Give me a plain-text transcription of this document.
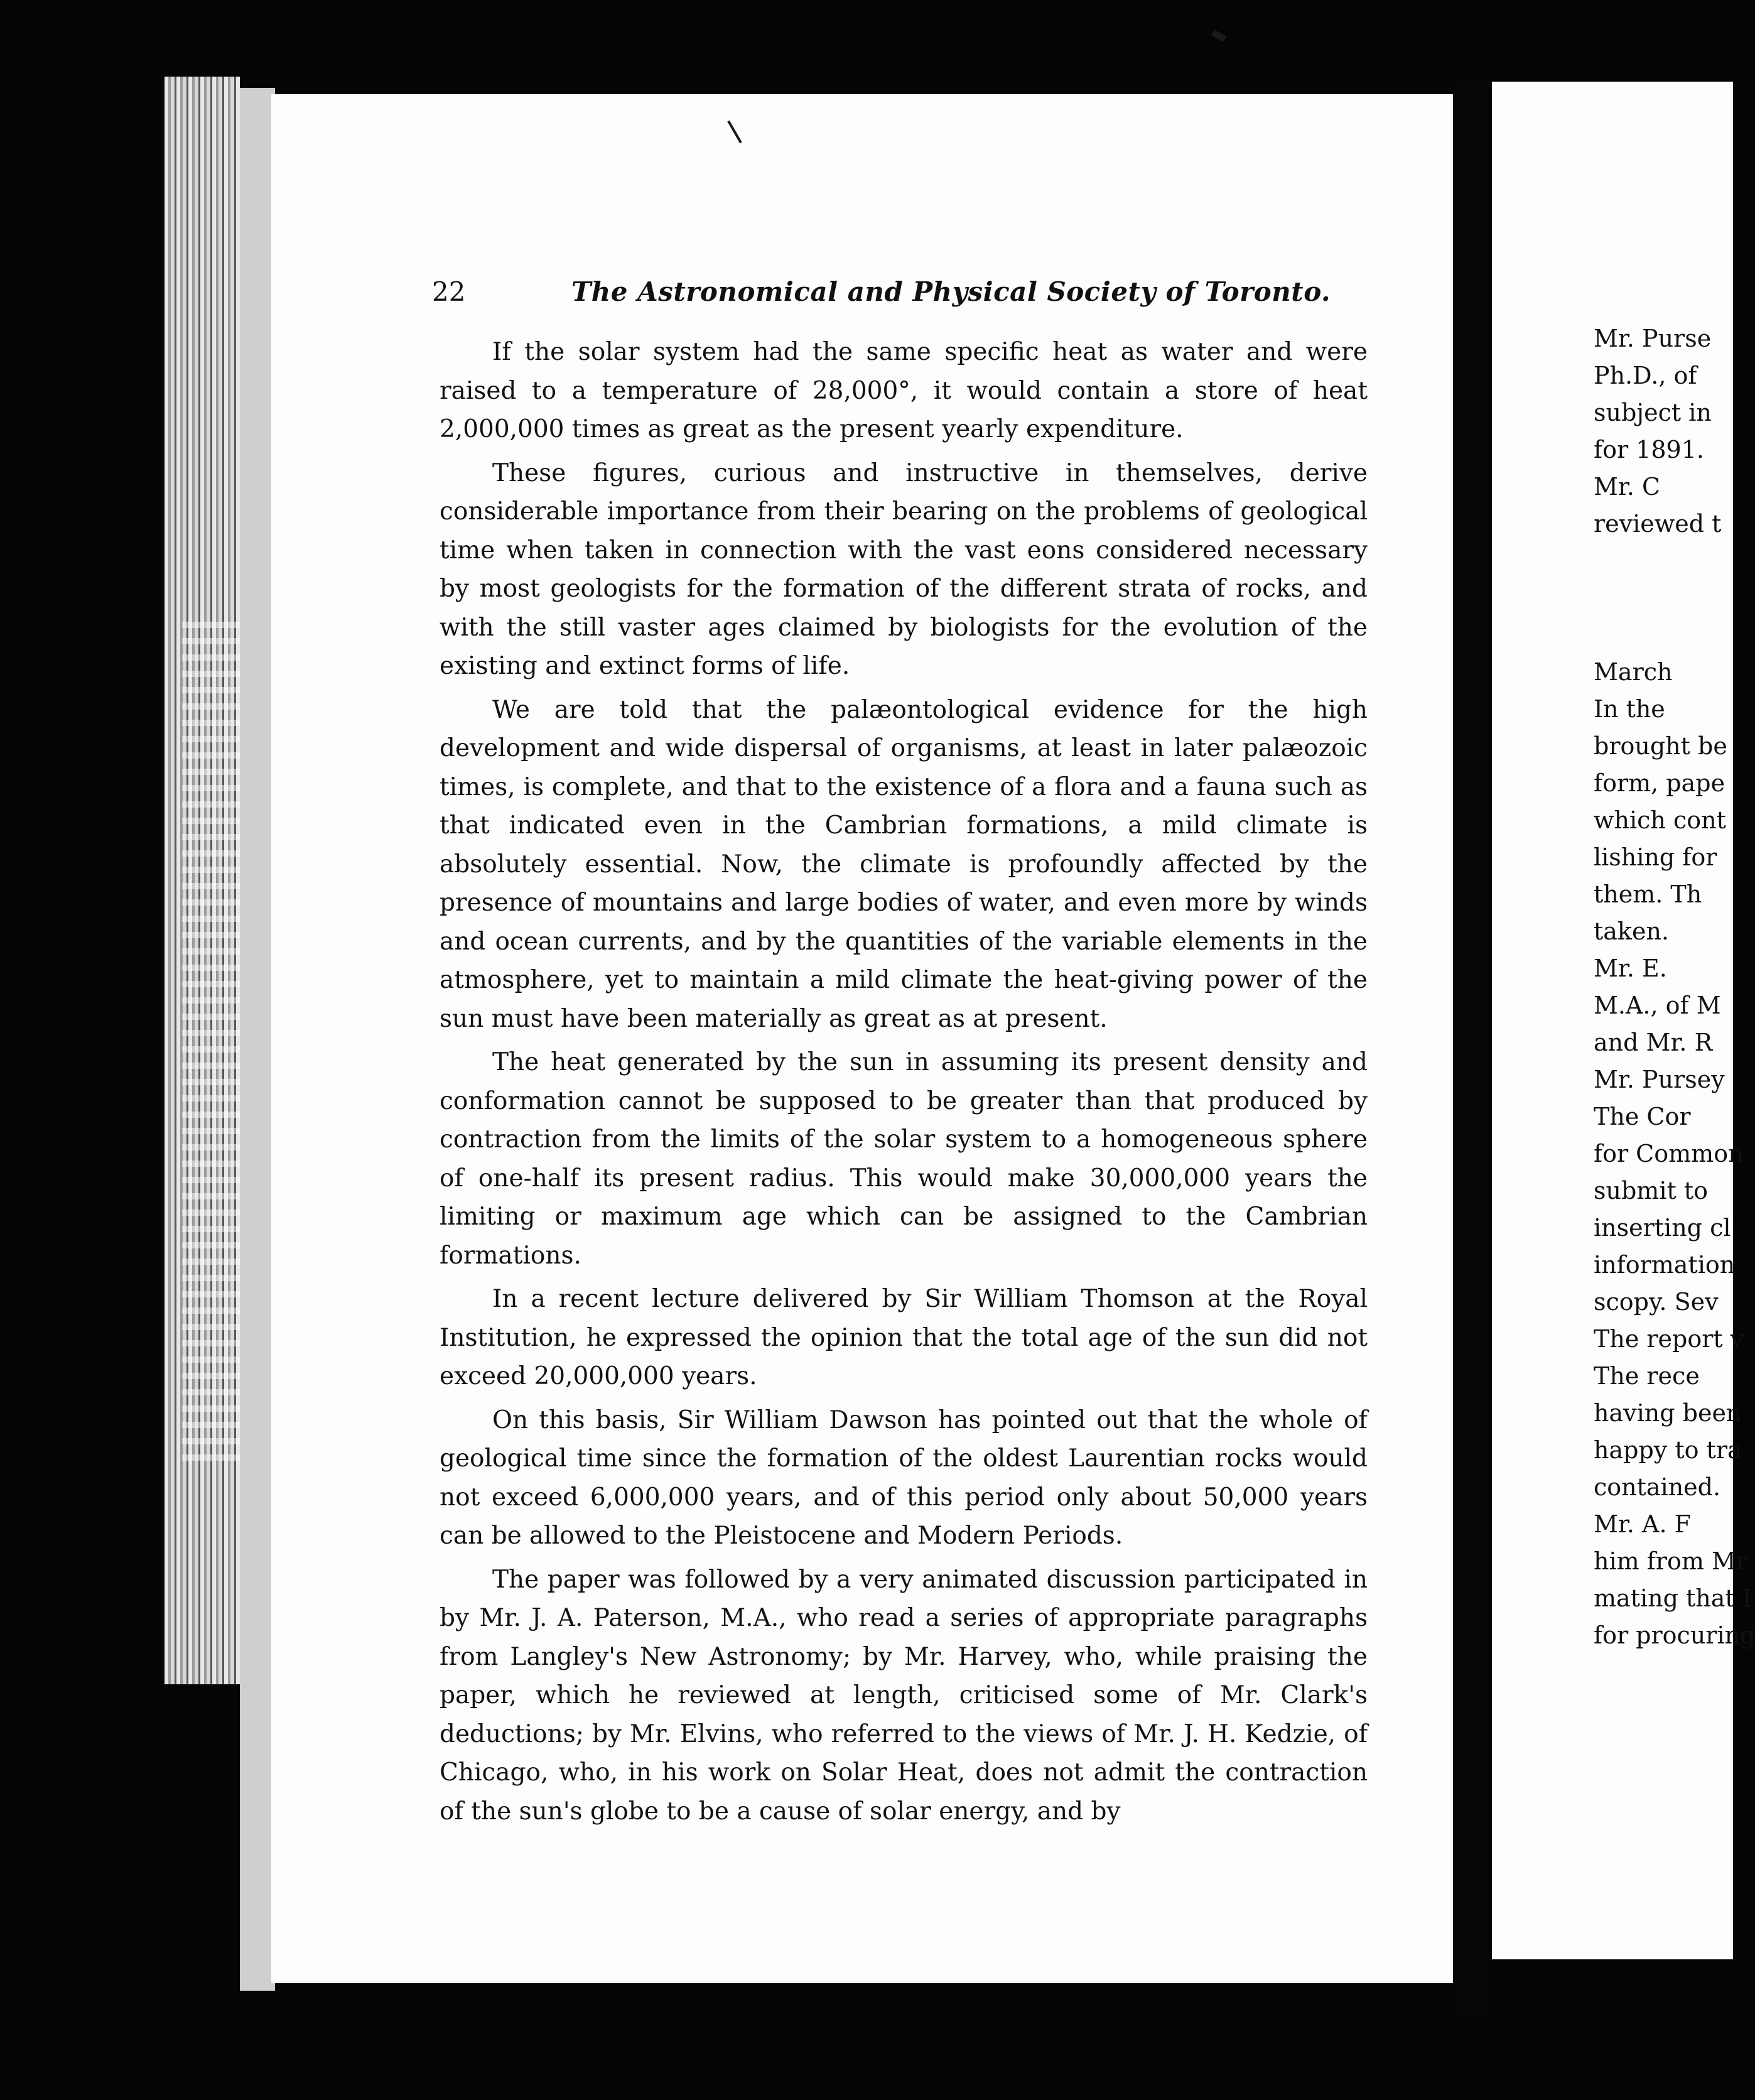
22	The Astronomical and Physical Society of Toronto.

If the solar system had the same specific heat as water and were raised to a temperature of 28,000°, it would contain a store of heat 2,000,000 times as great as the present yearly expenditure.

These figures, curious and instructive in themselves, derive considerable importance from their bearing on the problems of geological time when taken in connection with the vast eons considered necessary by most geologists for the formation of the different strata of rocks, and with the still vaster ages claimed by biologists for the evolution of the existing and extinct forms of life.

We are told that the palæontological evidence for the high development and wide dispersal of organisms, at least in later palæozoic times, is complete, and that to the existence of a flora and a fauna such as that indicated even in the Cambrian formations, a mild climate is absolutely essential. Now, the climate is profoundly affected by the presence of mountains and large bodies of water, and even more by winds and ocean currents, and by the quantities of the variable elements in the atmosphere, yet to maintain a mild climate the heat-giving power of the sun must have been materially as great as at present.

The heat generated by the sun in assuming its present density and conformation cannot be supposed to be greater than that produced by contraction from the limits of the solar system to a homogeneous sphere of one-half its present radius. This would make 30,000,000 years the limiting or maximum age which can be assigned to the Cambrian formations.

In a recent lecture delivered by Sir William Thomson at the Royal Institution, he expressed the opinion that the total age of the sun did not exceed 20,000,000 years.

On this basis, Sir William Dawson has pointed out that the whole of geological time since the formation of the oldest Laurentian rocks would not exceed 6,000,000 years, and of this period only about 50,000 years can be allowed to the Pleistocene and Modern Periods.

The paper was followed by a very animated discussion participated in by Mr. J. A. Paterson, M.A., who read a series of appropriate paragraphs from Langley's New Astronomy; by Mr. Harvey, who, while praising the paper, which he reviewed at length, criticised some of Mr. Clark's deductions; by Mr. Elvins, who referred to the views of Mr. J. H. Kedzie, of Chicago, who, in his work on Solar Heat, does not admit the contraction of the sun's globe to be a cause of solar energy, and by

Mr. Purse
Ph.D., of
subject in
for 1891.
Mr. C
reviewed t
March
In the
brought be
form, pape
which cont
lishing for
them. Th
taken.
Mr. E.
M.A., of M
and Mr. R
Mr. Pursey
The Cor
for Common
submit to
inserting cl
information
scopy. Sev
The report v
The rece
having been
happy to tra
contained.
Mr. A. F
him from Mr
mating that I
for procuring
